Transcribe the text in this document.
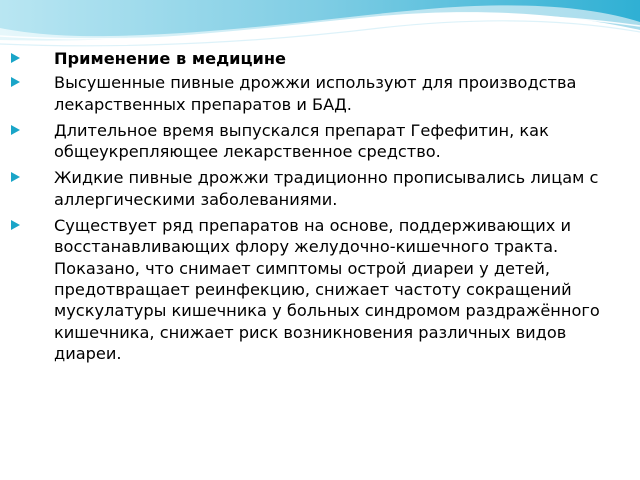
Применение в медицине
Высушенные пивные дрожжи используют для производства лекарственных препаратов и БАД.
Длительное время выпускался препарат Гефефитин, как общеукрепляющее лекарственное средство.
Жидкие пивные дрожжи традиционно прописывались лицам с аллергическими заболеваниями.
Существует ряд препаратов на основе, поддерживающих и восстанавливающих флору желудочно-кишечного тракта. Показано, что снимает симптомы острой диареи у детей, предотвращает реинфекцию, снижает частоту сокращений мускулатуры кишечника у больных синдромом раздражённого кишечника, снижает риск возникновения различных видов диареи.
